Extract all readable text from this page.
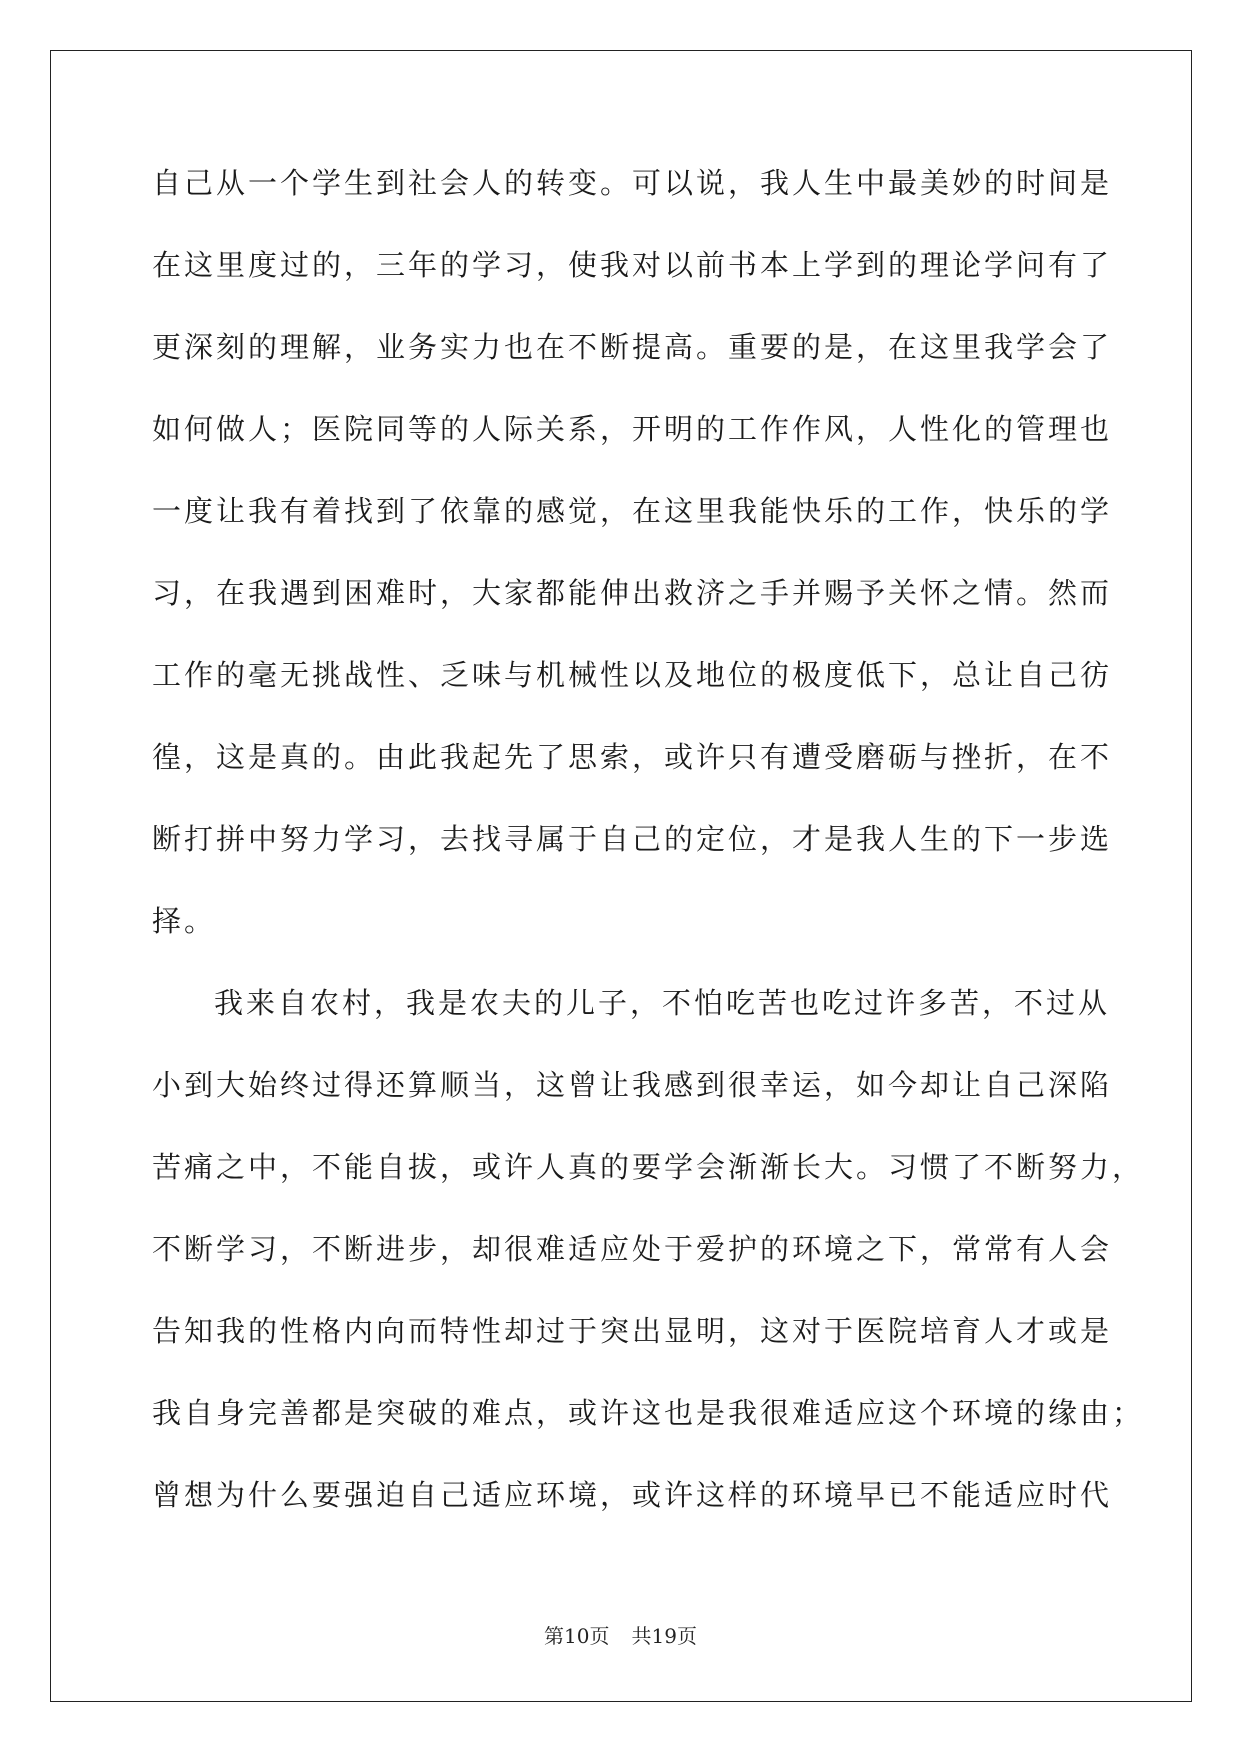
自己从一个学生到社会人的转变。可以说，我人生中最美妙的时间是
在这里度过的，三年的学习，使我对以前书本上学到的理论学问有了
更深刻的理解，业务实力也在不断提高。重要的是，在这里我学会了
如何做人；医院同等的人际关系，开明的工作作风，人性化的管理也
一度让我有着找到了依靠的感觉，在这里我能快乐的工作，快乐的学
习，在我遇到困难时，大家都能伸出救济之手并赐予关怀之情。然而
工作的毫无挑战性、乏味与机械性以及地位的极度低下，总让自己彷
徨，这是真的。由此我起先了思索，或许只有遭受磨砺与挫折，在不
断打拼中努力学习，去找寻属于自己的定位，才是我人生的下一步选
择。
我来自农村，我是农夫的儿子，不怕吃苦也吃过许多苦，不过从
小到大始终过得还算顺当，这曾让我感到很幸运，如今却让自己深陷
苦痛之中，不能自拔，或许人真的要学会渐渐长大。习惯了不断努力，
不断学习，不断进步，却很难适应处于爱护的环境之下，常常有人会
告知我的性格内向而特性却过于突出显明，这对于医院培育人才或是
我自身完善都是突破的难点，或许这也是我很难适应这个环境的缘由；
曾想为什么要强迫自己适应环境，或许这样的环境早已不能适应时代
第10页 共19页
